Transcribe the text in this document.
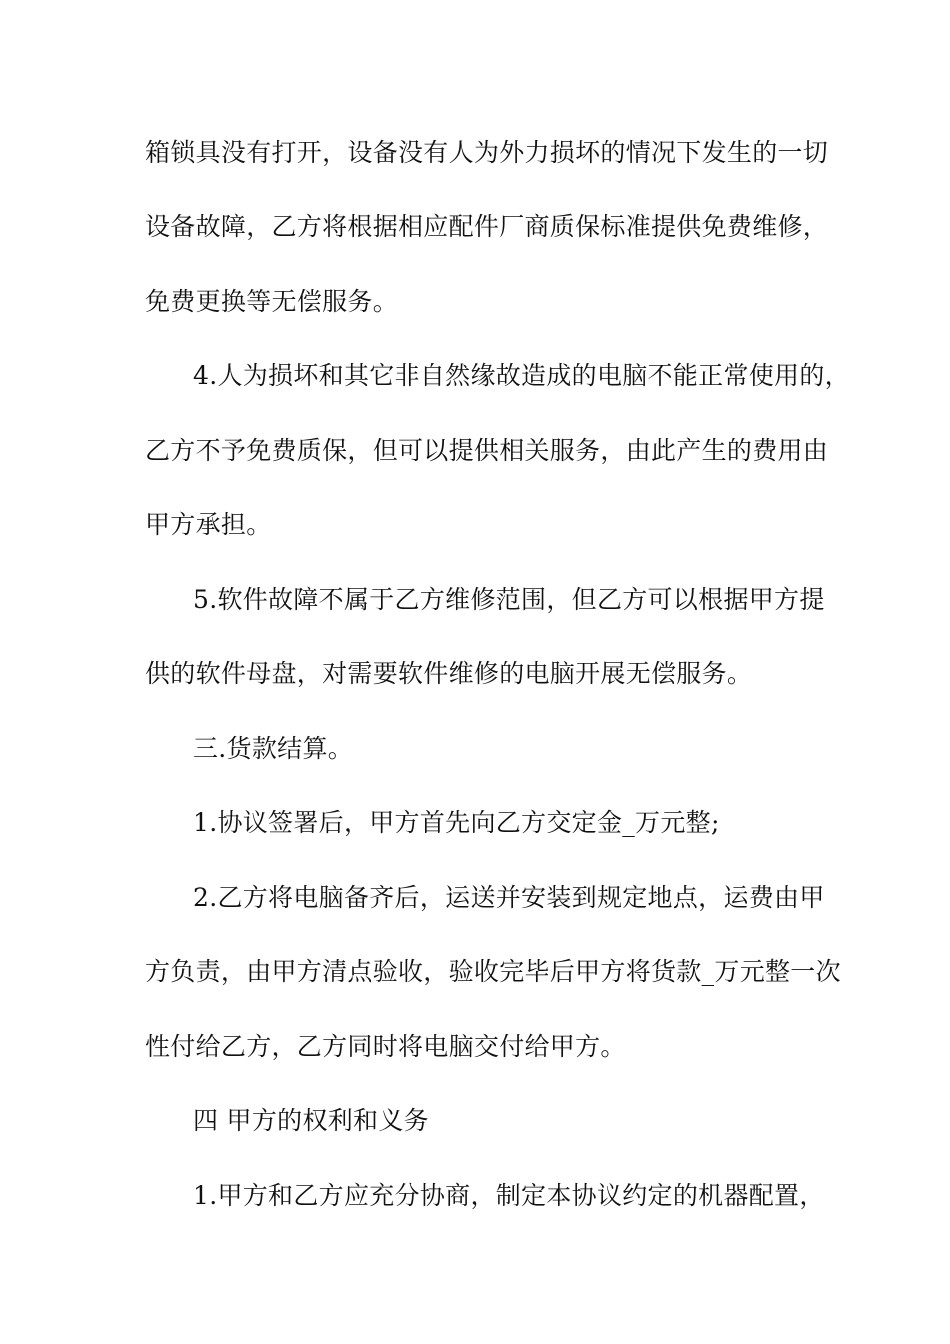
箱锁具没有打开，设备没有人为外力损坏的情况下发生的一切
设备故障，乙方将根据相应配件厂商质保标准提供免费维修，
免费更换等无偿服务。
4.人为损坏和其它非自然缘故造成的电脑不能正常使用的，
乙方不予免费质保，但可以提供相关服务，由此产生的费用由
甲方承担。
5.软件故障不属于乙方维修范围，但乙方可以根据甲方提
供的软件母盘，对需要软件维修的电脑开展无偿服务。
三.货款结算。
1.协议签署后，甲方首先向乙方交定金_万元整;
2.乙方将电脑备齐后，运送并安装到规定地点，运费由甲
方负责，由甲方清点验收，验收完毕后甲方将货款_万元整一次
性付给乙方，乙方同时将电脑交付给甲方。
四 甲方的权利和义务
1.甲方和乙方应充分协商，制定本协议约定的机器配置，
